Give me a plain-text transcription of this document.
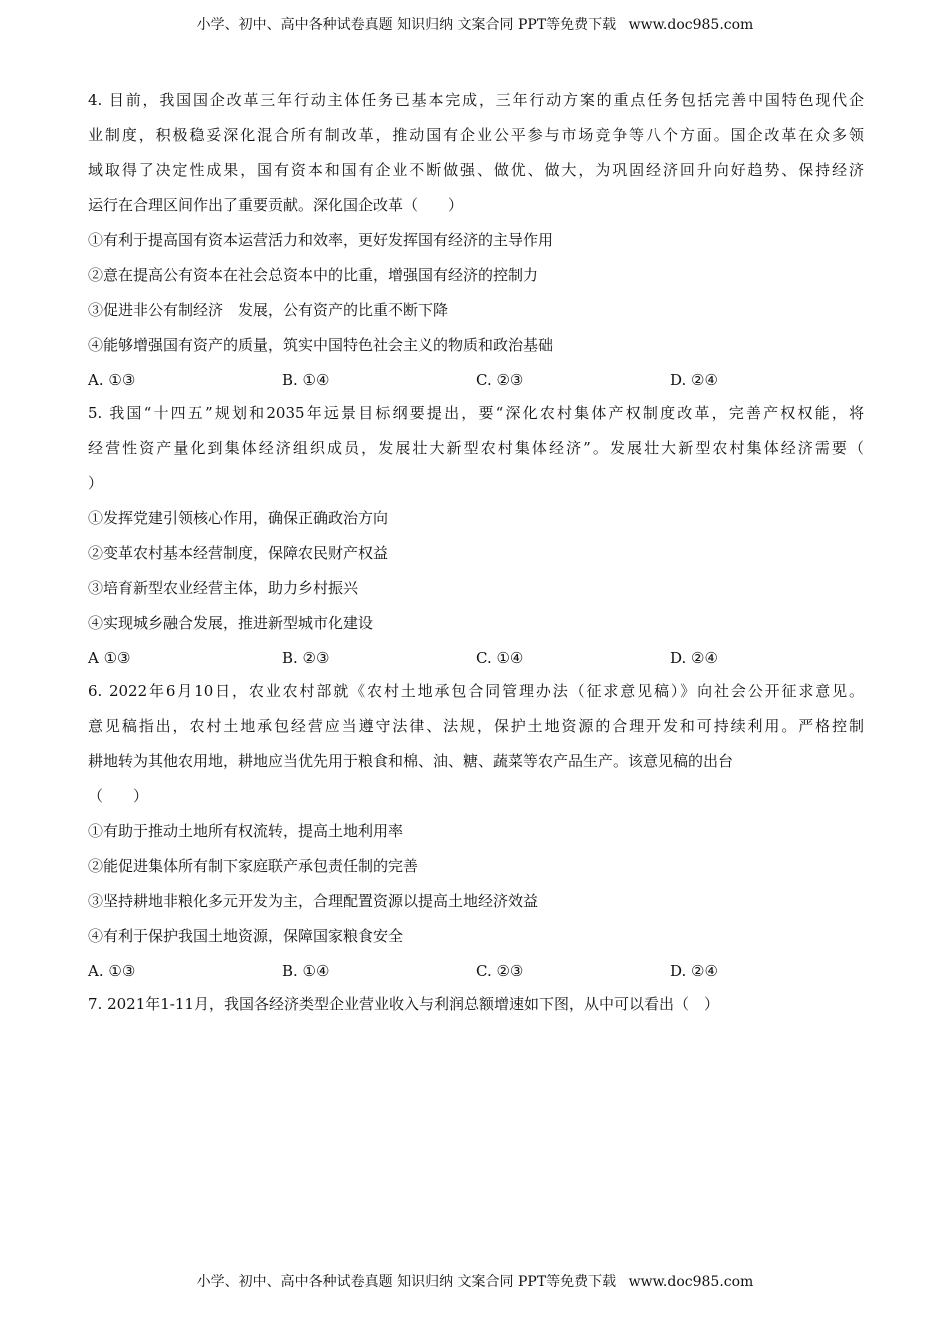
小学、初中、高中各种试卷真题 知识归纳 文案合同 PPT等免费下载 www.doc985.com
4. 目前，我国国企改革三年行动主体任务已基本完成，三年行动方案的重点任务包括完善中国特色现代企
业制度，积极稳妥深化混合所有制改革，推动国有企业公平参与市场竞争等八个方面。国企改革在众多领
域取得了决定性成果，国有资本和国有企业不断做强、做优、做大，为巩固经济回升向好趋势、保持经济
运行在合理区间作出了重要贡献。深化国企改革（　　）
①有利于提高国有资本运营活力和效率，更好发挥国有经济的主导作用
②意在提高公有资本在社会总资本中的比重，增强国有经济的控制力
③促进非公有制经济　发展，公有资产的比重不断下降
④能够增强国有资产的质量，筑实中国特色社会主义的物质和政治基础
A. ①③	B. ①④	C. ②③	D. ②④
5. 我国“十四五”规划和2035年远景目标纲要提出，要“深化农村集体产权制度改革，完善产权权能，将
经营性资产量化到集体经济组织成员，发展壮大新型农村集体经济”。发展壮大新型农村集体经济需要（
）
①发挥党建引领核心作用，确保正确政治方向
②变革农村基本经营制度，保障农民财产权益
③培育新型农业经营主体，助力乡村振兴
④实现城乡融合发展，推进新型城市化建设
A ①③	B. ②③	C. ①④	D. ②④
6. 2022年6月10日，农业农村部就《农村土地承包合同管理办法（征求意见稿）》向社会公开征求意见。
意见稿指出，农村土地承包经营应当遵守法律、法规，保护土地资源的合理开发和可持续利用。严格控制
耕地转为其他农用地，耕地应当优先用于粮食和棉、油、糖、蔬菜等农产品生产。该意见稿的出台
（　　）
①有助于推动土地所有权流转，提高土地利用率
②能促进集体所有制下家庭联产承包责任制的完善
③坚持耕地非粮化多元开发为主，合理配置资源以提高土地经济效益
④有利于保护我国土地资源，保障国家粮食安全
A. ①③	B. ①④	C. ②③	D. ②④
7. 2021年1-11月，我国各经济类型企业营业收入与利润总额增速如下图，从中可以看出（　）
小学、初中、高中各种试卷真题 知识归纳 文案合同 PPT等免费下载 www.doc985.com
